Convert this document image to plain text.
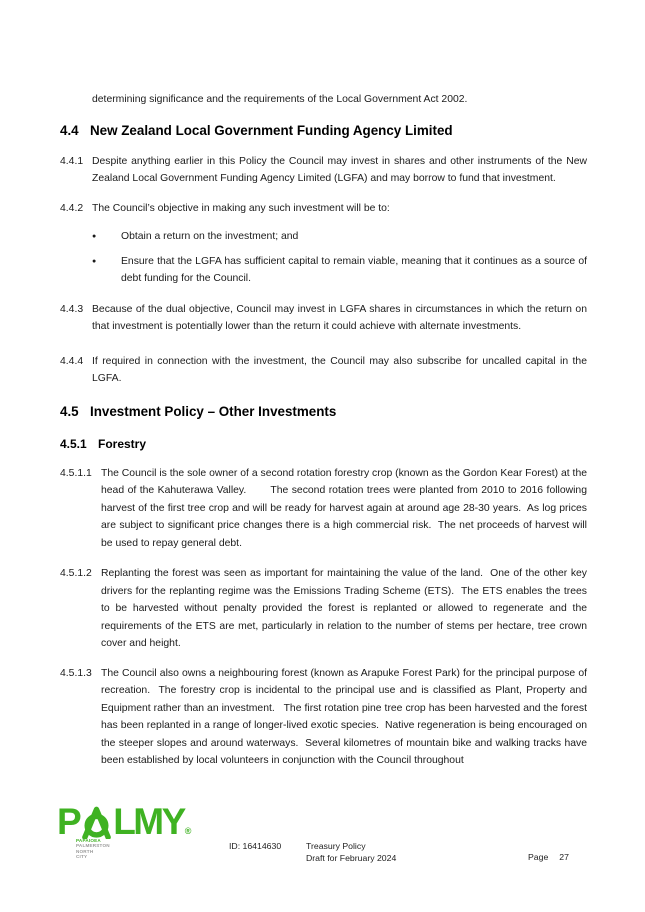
determining significance and the requirements of the Local Government Act 2002.

4.4 New Zealand Local Government Funding Agency Limited
4.4.1 Despite anything earlier in this Policy the Council may invest in shares and other instruments of the New Zealand Local Government Funding Agency Limited (LGFA) and may borrow to fund that investment.

4.4.2 The Council’s objective in making any such investment will be to:

●	Obtain a return on the investment; and

●	Ensure that the LGFA has sufficient capital to remain viable, meaning that it continues as a source of debt funding for the Council.

4.4.3 Because of the dual objective, Council may invest in LGFA shares in circumstances in which the return on that investment is potentially lower than the return it could achieve with alternate investments.

4.4.4 If required in connection with the investment, the Council may also subscribe for uncalled capital in the LGFA.

4.5 Investment Policy – Other Investments
4.5.1 Forestry
4.5.1.1 The Council is the sole owner of a second rotation forestry crop (known as the Gordon Kear Forest) at the head of the Kahuterawa Valley.       The second rotation trees were planted from 2010 to 2016 following harvest of the first tree crop and will be ready for harvest again at around age 28-30 years.  As log prices are subject to significant price changes there is a high commercial risk.  The net proceeds of harvest will be used to repay general debt.

4.5.1.2 Replanting the forest was seen as important for maintaining the value of the land.  One of the other key drivers for the replanting regime was the Emissions Trading Scheme (ETS).  The ETS enables the trees to be harvested without penalty provided the forest is replanted or allowed to regenerate and the requirements of the ETS are met, particularly in relation to the number of stems per hectare, tree crown cover and height.

4.5.1.3 The Council also owns a neighbouring forest (known as Arapuke Forest Park) for the principal purpose of recreation.  The forestry crop is incidental to the principal use and is classified as Plant, Property and Equipment rather than an investment.   The first rotation pine tree crop has been harvested and the forest has been replanted in a range of longer-lived exotic species.  Native regeneration is being encouraged on the steeper slopes and around waterways.  Several kilometres of mountain bike and walking tracks have been established by local volunteers in conjunction with the Council throughout

P LMY ®
PAPAIOEA
PALMERSTON
NORTH
CITY
ID: 16414630	Treasury Policy
Draft for February 2024	Page 27
